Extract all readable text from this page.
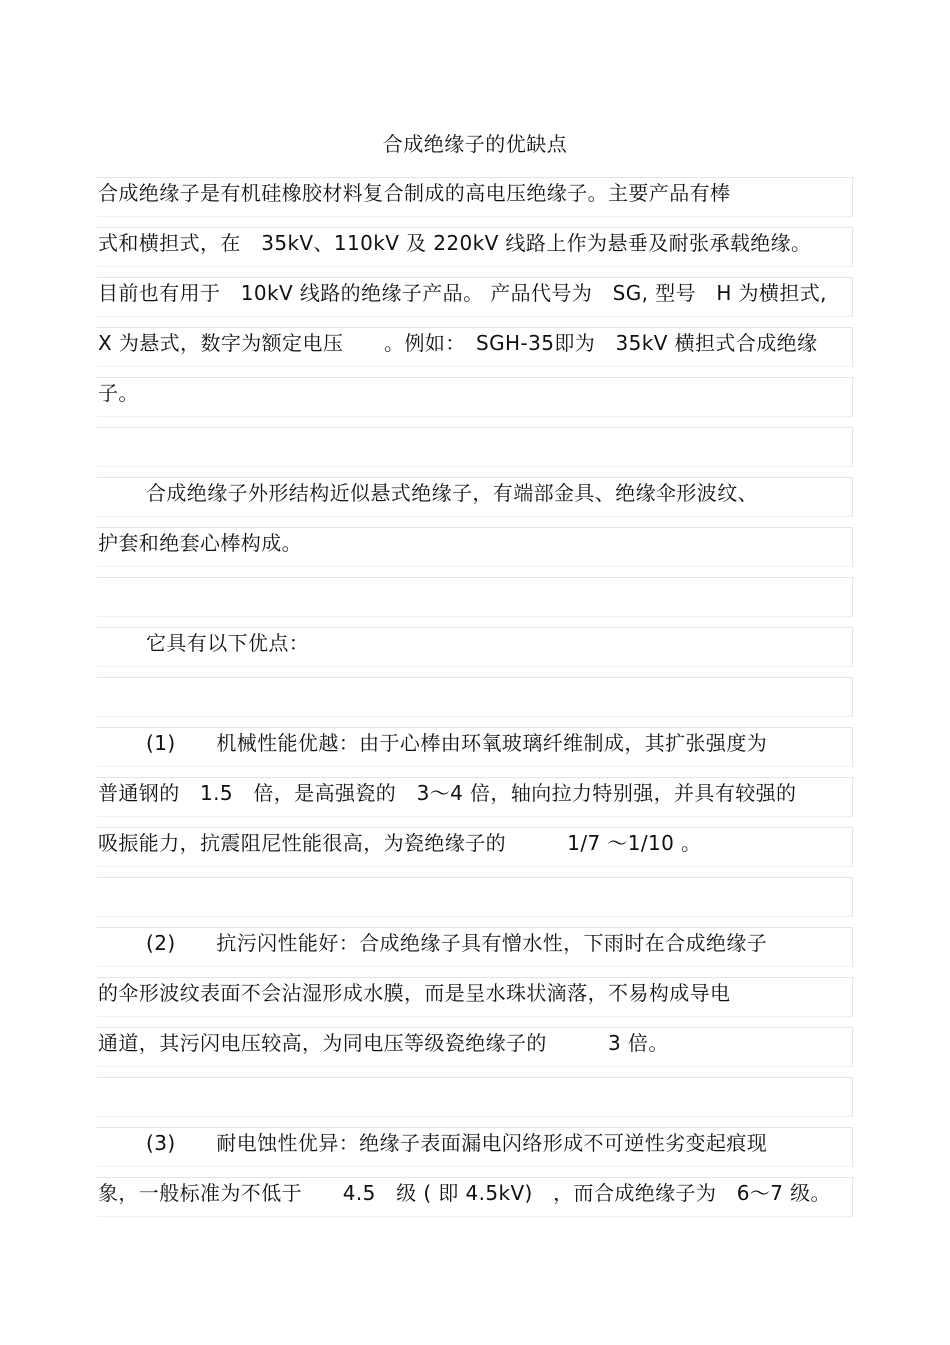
合成绝缘子的优缺点
合成绝缘子是有机硅橡胶材料复合制成的高电压绝缘子。主要产品有棒
式和横担式，在　35kV、110kV 及 220kV 线路上作为悬垂及耐张承载绝缘。
目前也有用于　10kV 线路的绝缘子产品。 产品代号为　SG, 型号　H 为横担式,
X 为悬式，数字为额定电压　　。例如：　SGH-35即为　35kV 横担式合成绝缘
子。
合成绝缘子外形结构近似悬式绝缘子，有端部金具、绝缘伞形波纹、
护套和绝套心棒构成。
它具有以下优点：
(1)　　机械性能优越：由于心棒由环氧玻璃纤维制成，其扩张强度为
普通钢的　1.5　倍，是高强瓷的　3～4 倍，轴向拉力特别强，并具有较强的
吸振能力，抗震阻尼性能很高，为瓷绝缘子的　　　1/7 ～1/10 。
(2)　　抗污闪性能好：合成绝缘子具有憎水性，下雨时在合成绝缘子
的伞形波纹表面不会沾湿形成水膜，而是呈水珠状滴落，不易构成导电
通道，其污闪电压较高，为同电压等级瓷绝缘子的　　　3 倍。
(3)　　耐电蚀性优异：绝缘子表面漏电闪络形成不可逆性劣变起痕现
象，一般标准为不低于　　4.5　级 ( 即 4.5kV)　，而合成绝缘子为　6～7 级。
